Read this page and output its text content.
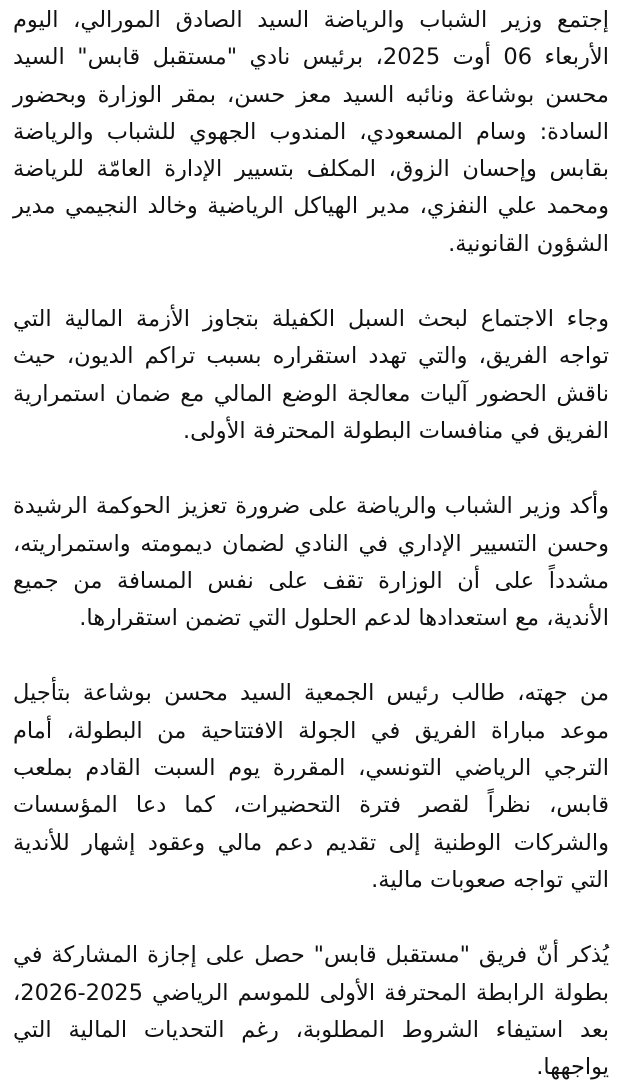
إجتمع وزير الشباب والرياضة السيد الصادق المورالي، اليوم الأربعاء 06 أوت 2025، برئيس نادي "مستقبل قابس" السيد محسن بوشاعة ونائبه السيد معز حسن، بمقر الوزارة وبحضور السادة: وسام المسعودي، المندوب الجهوي للشباب والرياضة بقابس وإحسان الزوق، المكلف بتسيير الإدارة العامّة للرياضة ومحمد علي النفزي، مدير الهياكل الرياضية وخالد النجيمي مدير الشؤون القانونية.

وجاء الاجتماع لبحث السبل الكفيلة بتجاوز الأزمة المالية التي تواجه الفريق، والتي تهدد استقراره بسبب تراكم الديون، حيث ناقش الحضور آليات معالجة الوضع المالي مع ضمان استمرارية الفريق في منافسات البطولة المحترفة الأولى.

وأكد وزير الشباب والرياضة على ضرورة تعزيز الحوكمة الرشيدة وحسن التسيير الإداري في النادي لضمان ديمومته واستمراريته، مشدداً على أن الوزارة تقف على نفس المسافة من جميع الأندية، مع استعدادها لدعم الحلول التي تضمن استقرارها.

من جهته، طالب رئيس الجمعية السيد محسن بوشاعة بتأجيل موعد مباراة الفريق في الجولة الافتتاحية من البطولة، أمام الترجي الرياضي التونسي، المقررة يوم السبت القادم بملعب قابس، نظراً لقصر فترة التحضيرات، كما دعا المؤسسات والشركات الوطنية إلى تقديم دعم مالي وعقود إشهار للأندية التي تواجه صعوبات مالية.

يُذكر أنّ فريق "مستقبل قابس" حصل على إجازة المشاركة في بطولة الرابطة المحترفة الأولى للموسم الرياضي 2025-2026، بعد استيفاء الشروط المطلوبة، رغم التحديات المالية التي يواجهها.
